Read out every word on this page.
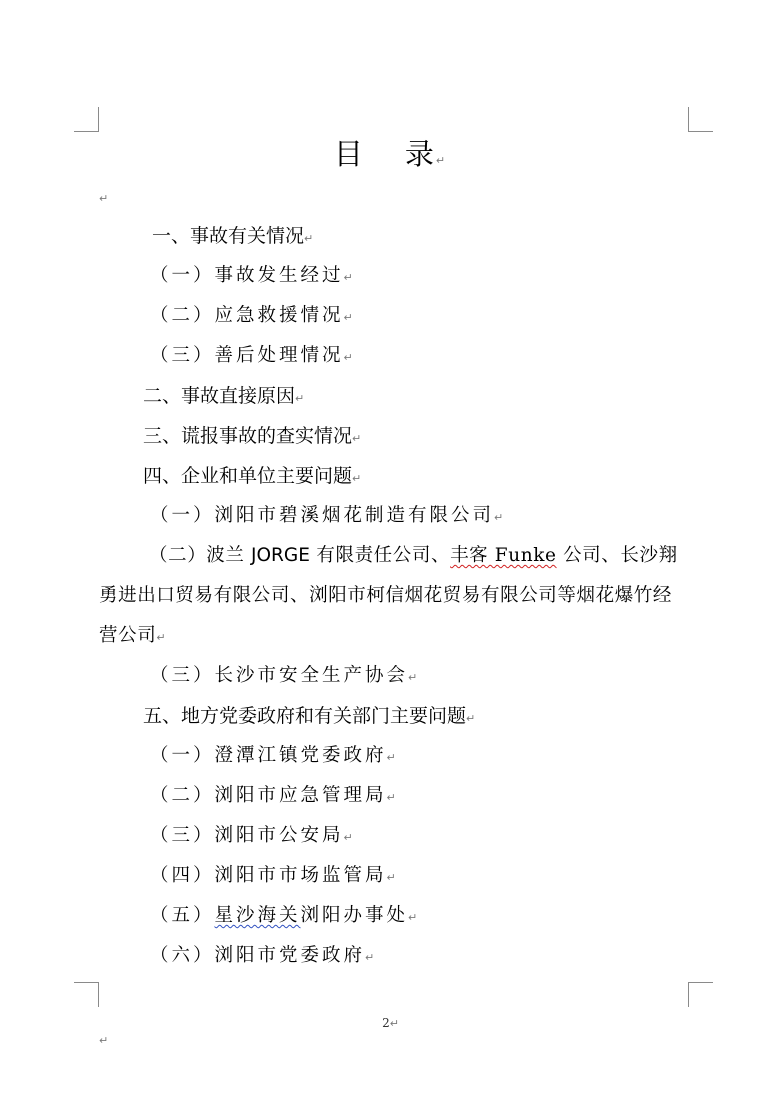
目 录↵
↵
一、事故有关情况↵
（一）事故发生经过↵
（二）应急救援情况↵
（三）善后处理情况↵
二、事故直接原因↵
三、谎报事故的查实情况↵
四、企业和单位主要问题↵
（一）浏阳市碧溪烟花制造有限公司↵
（二）波兰 JORGE 有限责任公司、丰客 Funke 公司、长沙翔勇进出口贸易有限公司、浏阳市柯信烟花贸易有限公司等烟花爆竹经营公司↵
（三）长沙市安全生产协会↵
五、地方党委政府和有关部门主要问题↵
（一）澄潭江镇党委政府↵
（二）浏阳市应急管理局↵
（三）浏阳市公安局↵
（四）浏阳市市场监管局↵
（五）星沙海关浏阳办事处↵
（六）浏阳市党委政府↵
2↵
↵
